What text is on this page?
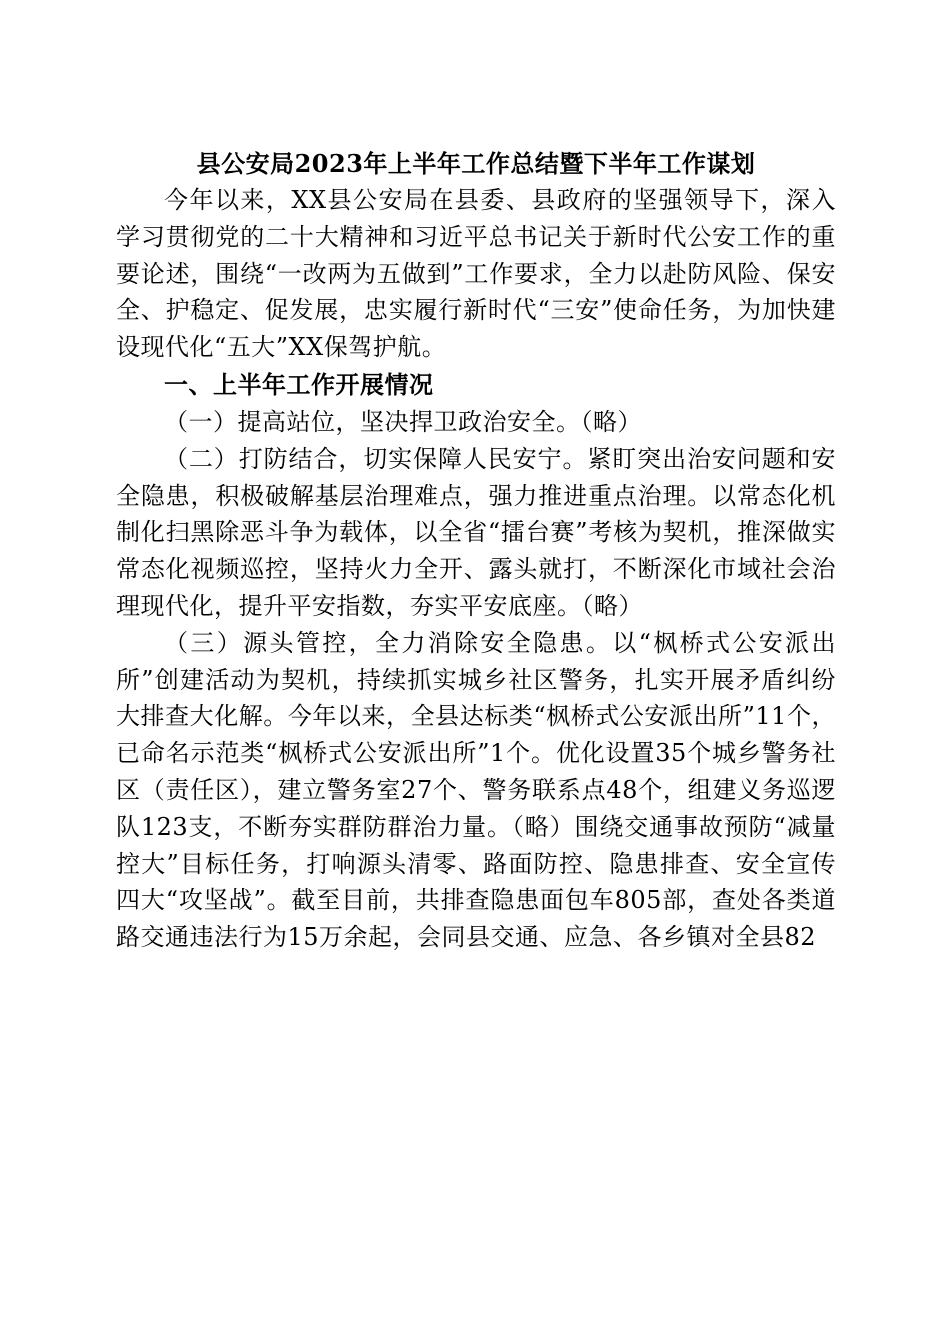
县公安局2023年上半年工作总结暨下半年工作谋划

今年以来，XX县公安局在县委、县政府的坚强领导下，深入学习贯彻党的二十大精神和习近平总书记关于新时代公安工作的重要论述，围绕“一改两为五做到”工作要求，全力以赴防风险、保安全、护稳定、促发展，忠实履行新时代“三安”使命任务，为加快建设现代化“五大”XX保驾护航。

一、上半年工作开展情况

（一）提高站位，坚决捍卫政治安全。（略）

（二）打防结合，切实保障人民安宁。紧盯突出治安问题和安全隐患，积极破解基层治理难点，强力推进重点治理。以常态化机制化扫黑除恶斗争为载体，以全省“擂台赛”考核为契机，推深做实常态化视频巡控，坚持火力全开、露头就打，不断深化市域社会治理现代化，提升平安指数，夯实平安底座。（略）

（三）源头管控，全力消除安全隐患。以“枫桥式公安派出所”创建活动为契机，持续抓实城乡社区警务，扎实开展矛盾纠纷大排查大化解。今年以来，全县达标类“枫桥式公安派出所”11个，已命名示范类“枫桥式公安派出所”1个。优化设置35个城乡警务社区（责任区），建立警务室27个、警务联系点48个，组建义务巡逻队123支，不断夯实群防群治力量。（略）围绕交通事故预防“减量控大”目标任务，打响源头清零、路面防控、隐患排查、安全宣传四大“攻坚战”。截至目前，共排查隐患面包车805部，查处各类道路交通违法行为15万余起，会同县交通、应急、各乡镇对全县82
